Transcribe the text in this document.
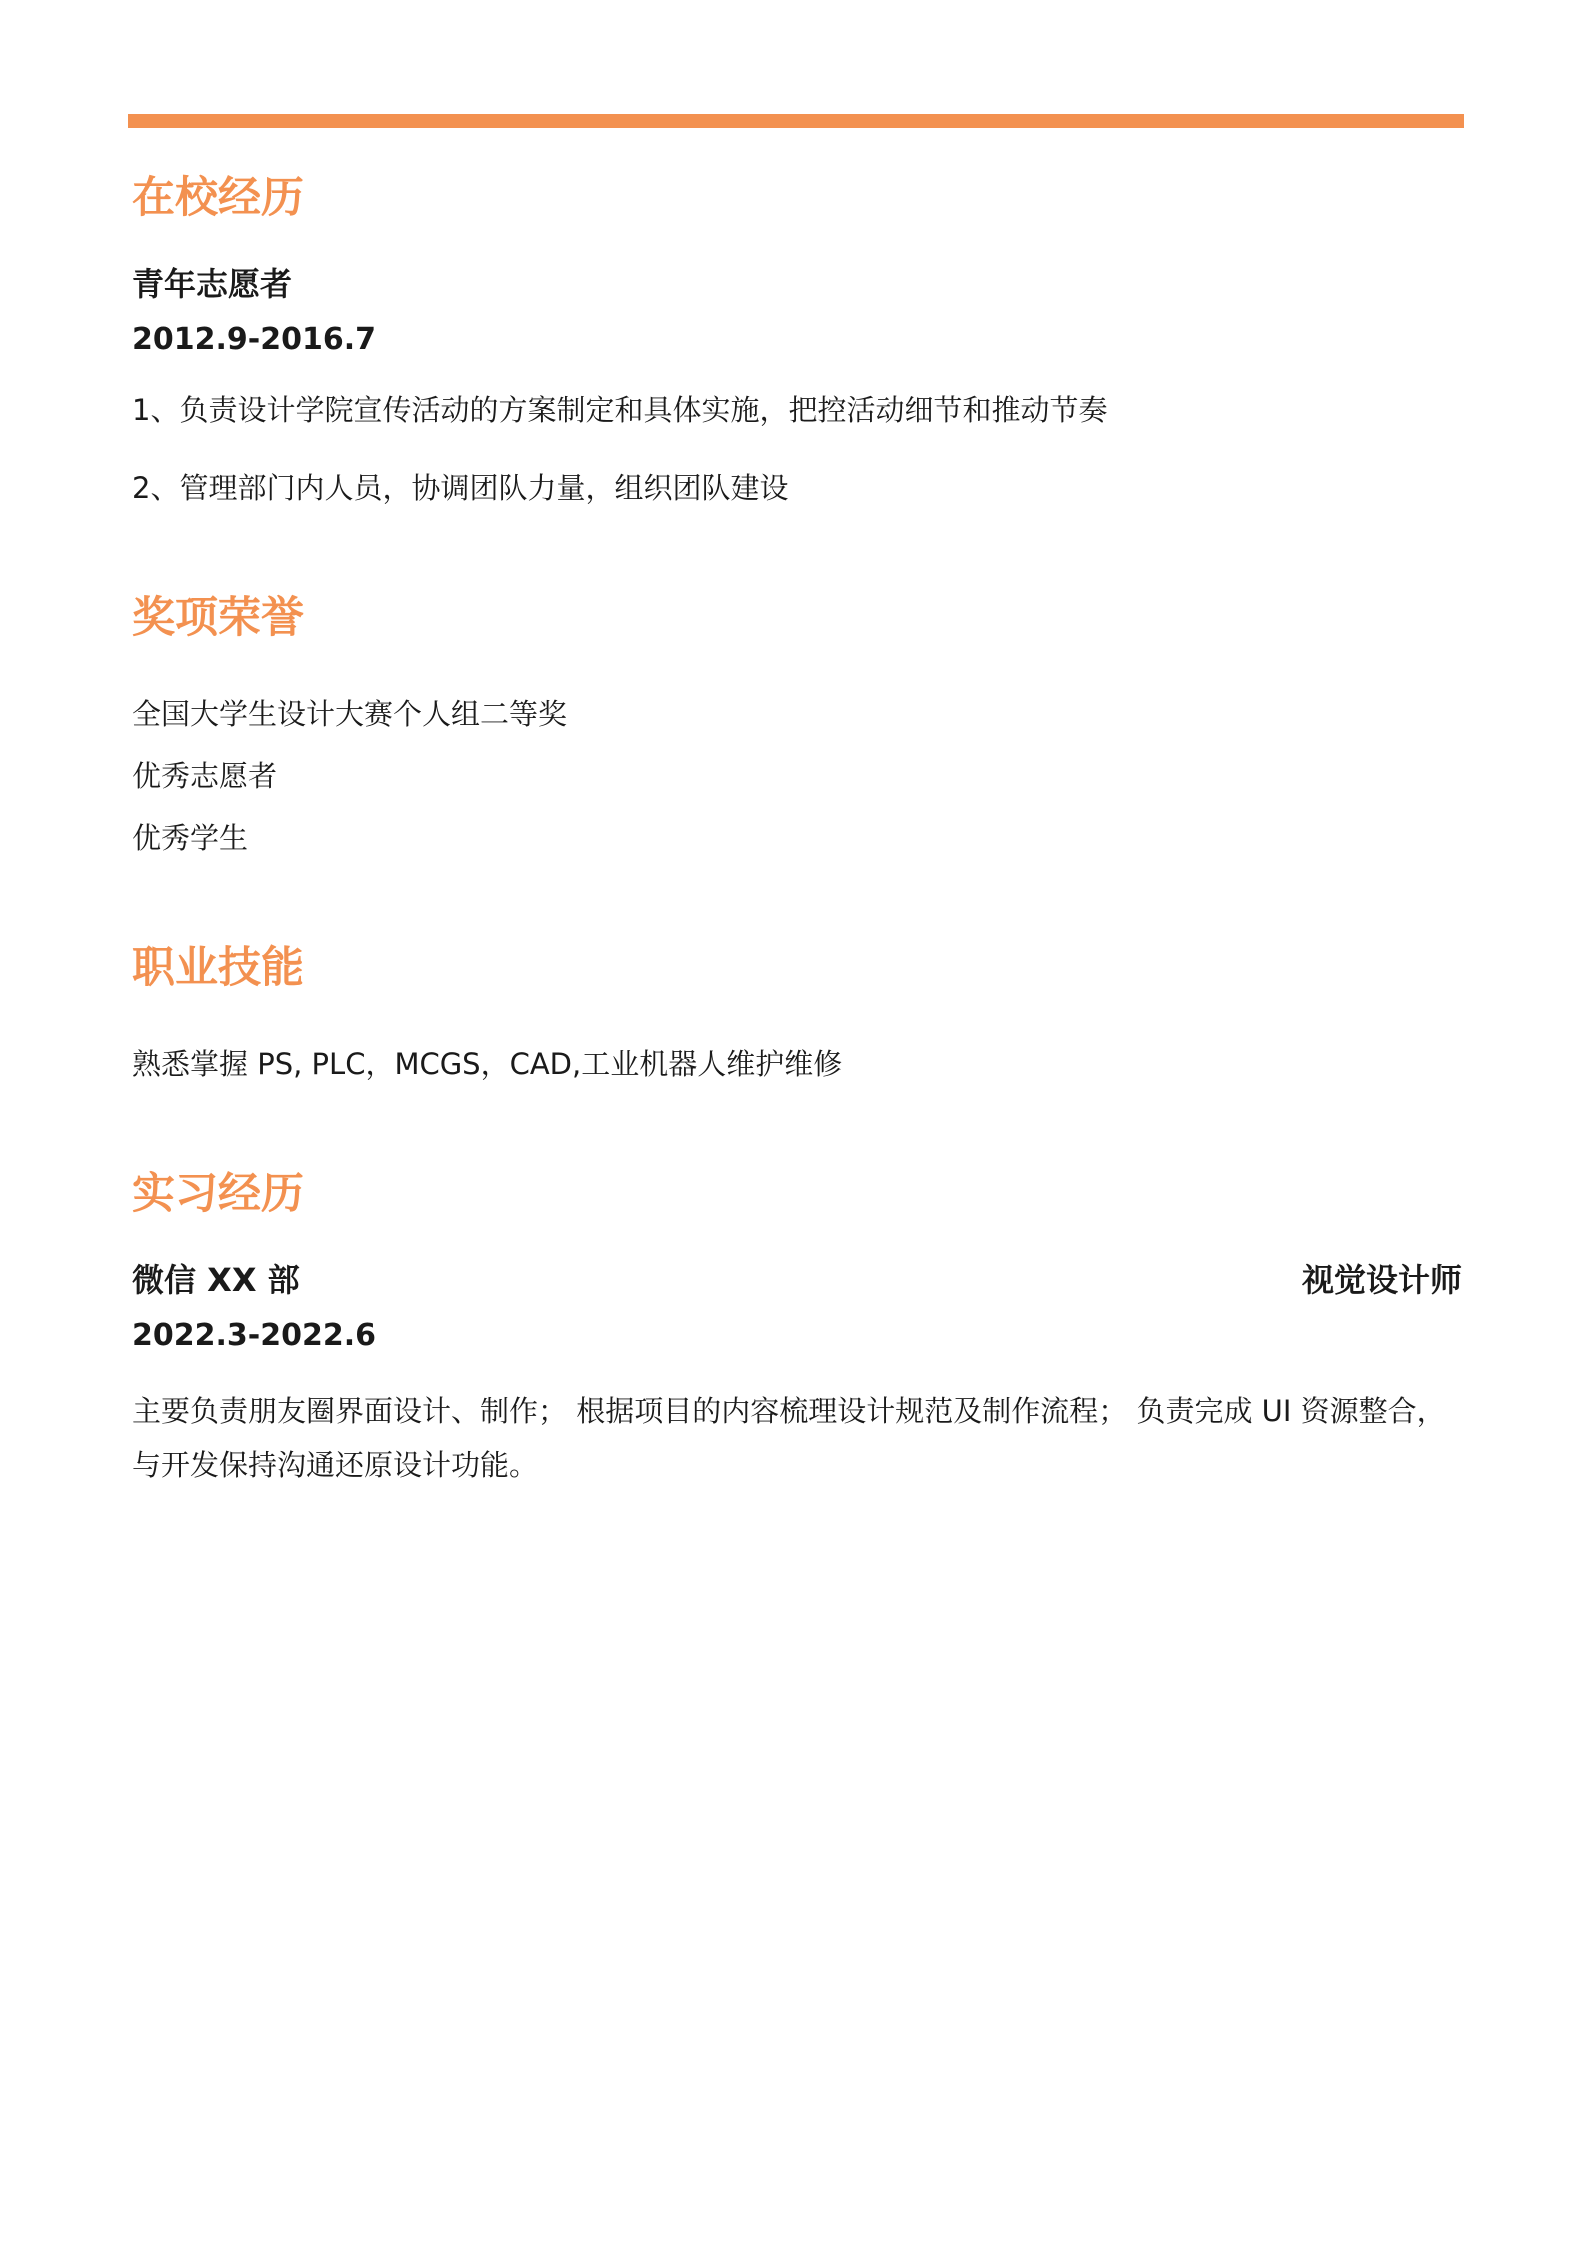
在校经历
青年志愿者

2012.9-2016.7

1、负责设计学院宣传活动的方案制定和具体实施，把控活动细节和推动节奏

2、管理部门内人员，协调团队力量，组织团队建设

奖项荣誉

全国大学生设计大赛个人组二等奖

优秀志愿者

优秀学生

职业技能

熟悉掌握 PS, PLC，MCGS，CAD,工业机器人维护维修

实习经历
微信 XX 部	视觉设计师

2022.3-2022.6

主要负责朋友圈界面设计、制作； 根据项目的内容梳理设计规范及制作流程； 负责完成 UI 资源整合，与开发保持沟通还原设计功能。
